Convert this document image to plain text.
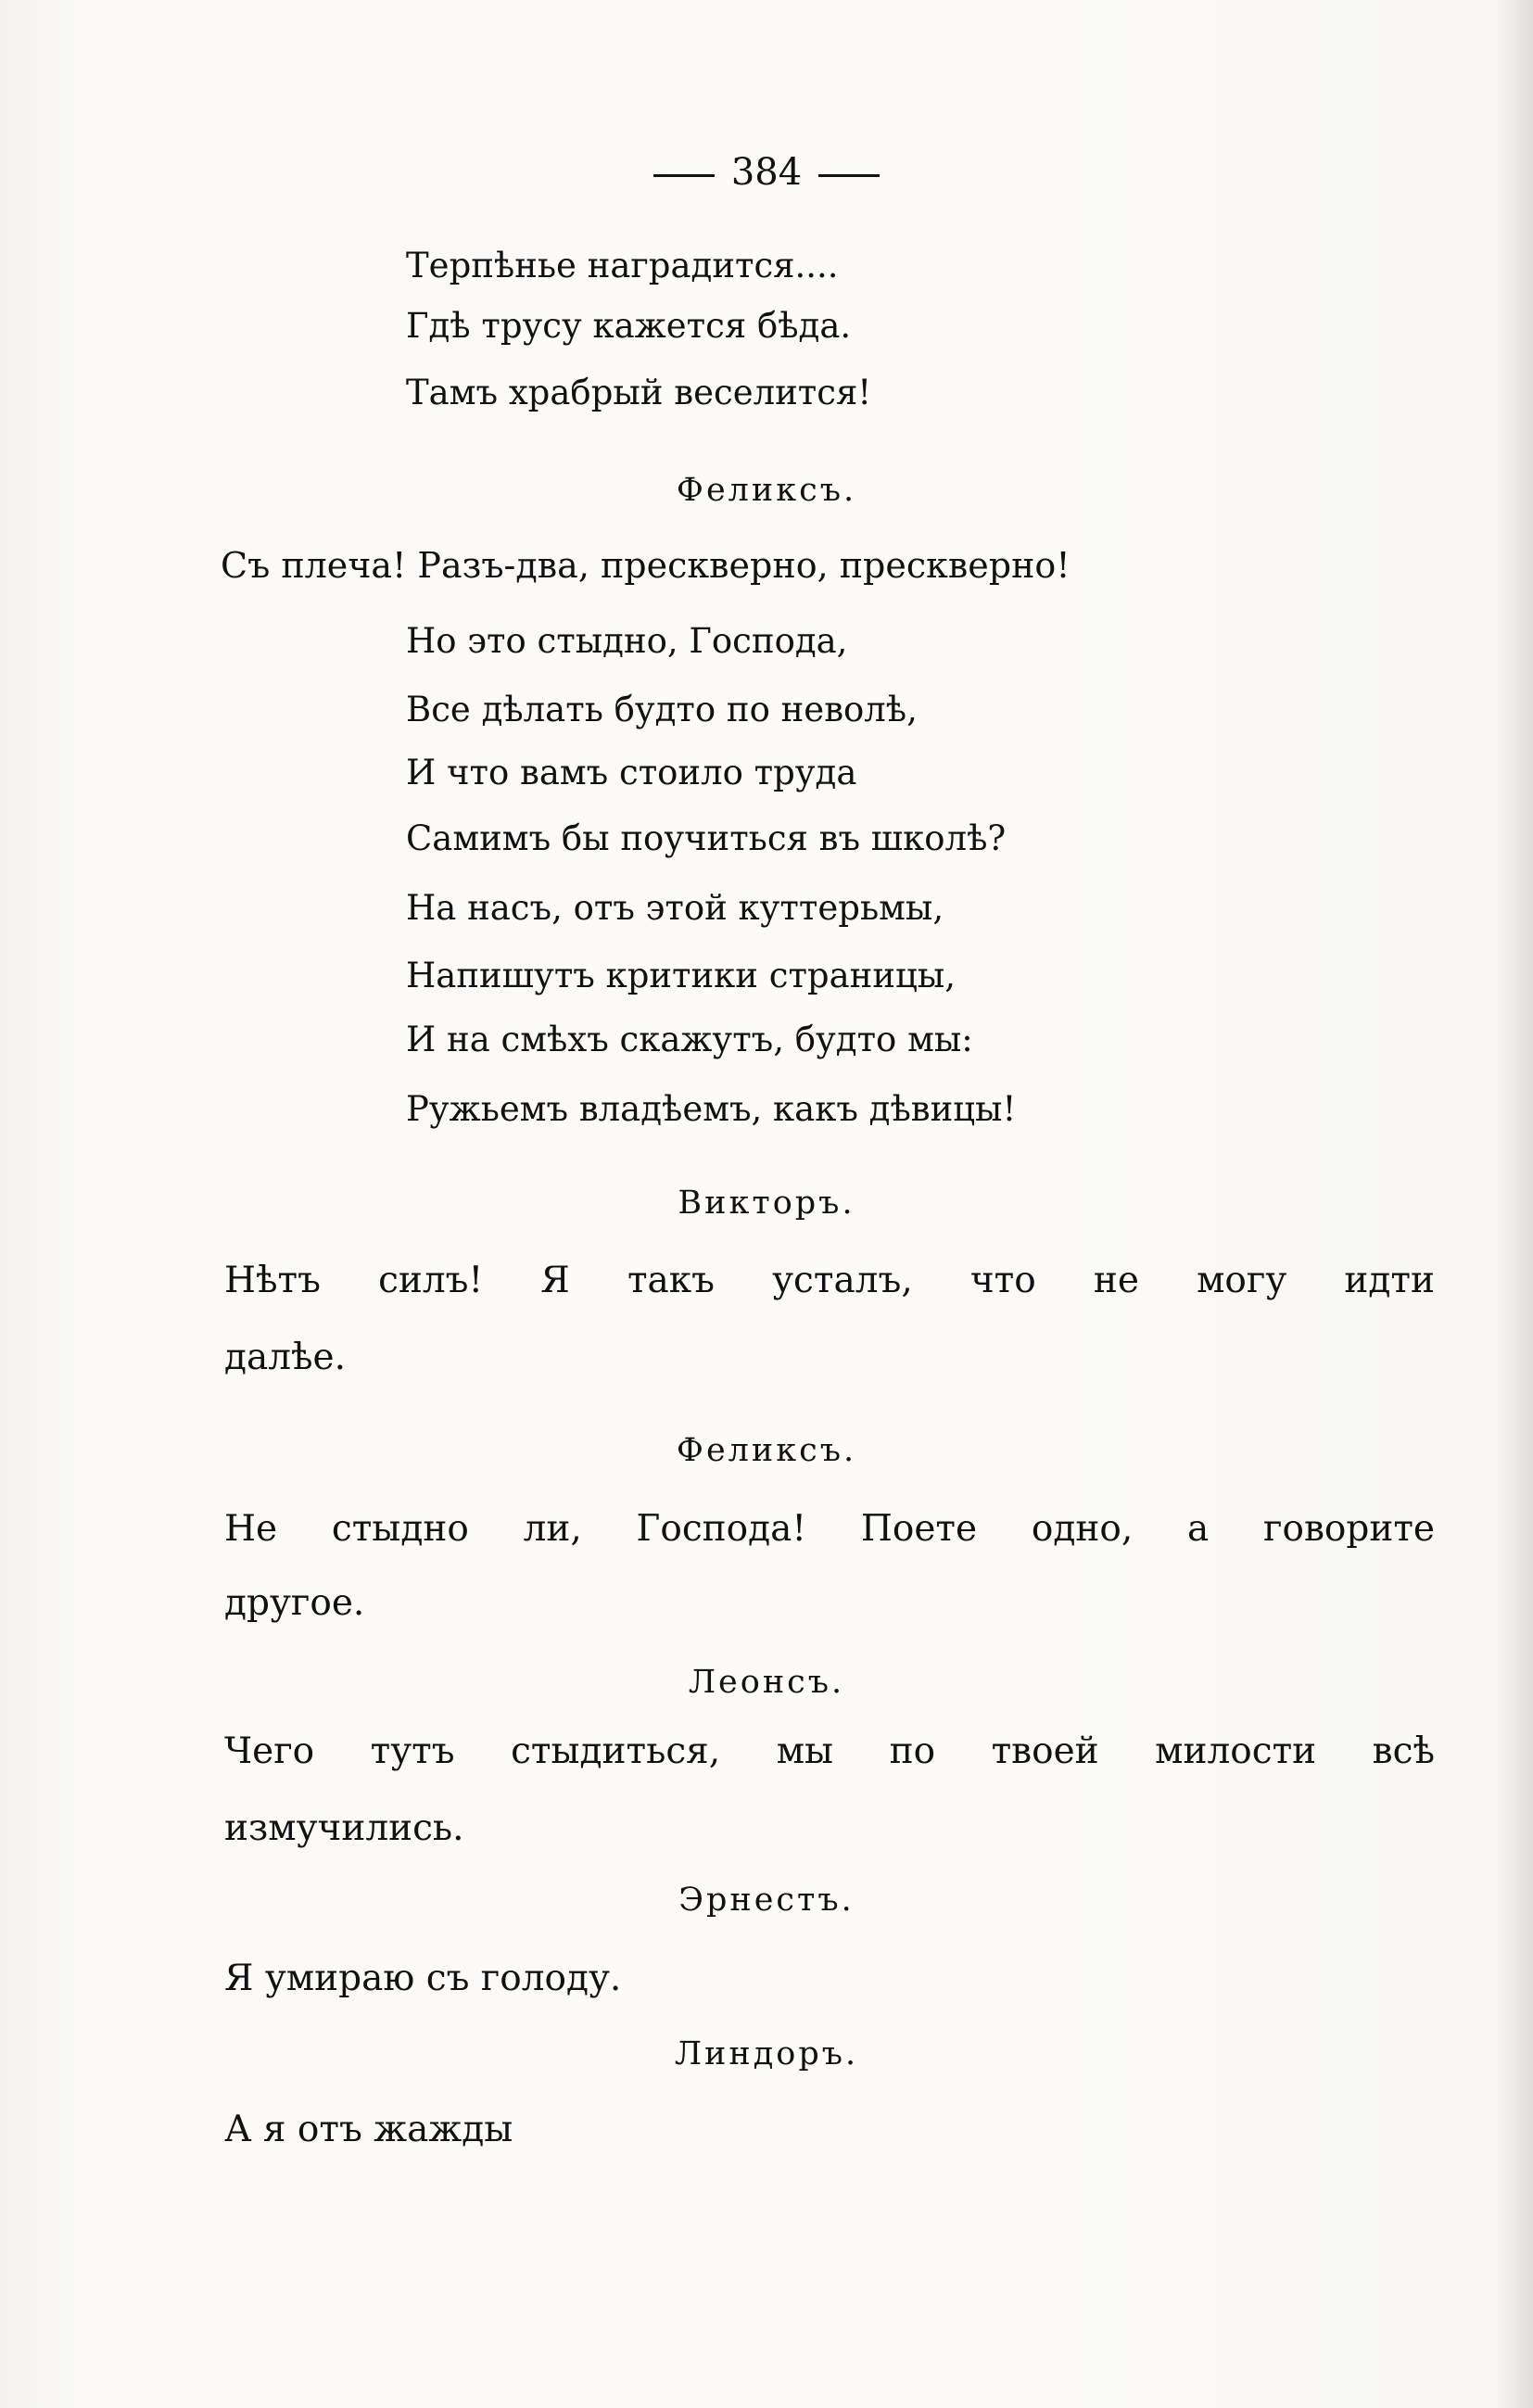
384
Терпѣнье наградится....
Гдѣ трусу кажется бѣда.
Тамъ храбрый веселится!
Феликсъ.
Съ плеча! Разъ-два, прескверно, прескверно!
Но это стыдно, Господа,
Все дѣлать будто по неволѣ,
И что вамъ стоило труда
Самимъ бы поучиться въ школѣ?
На насъ, отъ этой куттерьмы,
Напишутъ критики страницы,
И на смѣхъ скажутъ, будто мы:
Ружьемъ владѣемъ, какъ дѣвицы!
Викторъ.
Нѣтъ силъ! Я такъ усталъ, что не могу идти
далѣе.
Феликсъ.
Не стыдно ли, Господа! Поете одно, а говорите
другое.
Леонсъ.
Чего тутъ стыдиться, мы по твоей милости всѣ
измучились.
Эрнестъ.
Я умираю съ голоду.
Линдоръ.
А я отъ жажды
